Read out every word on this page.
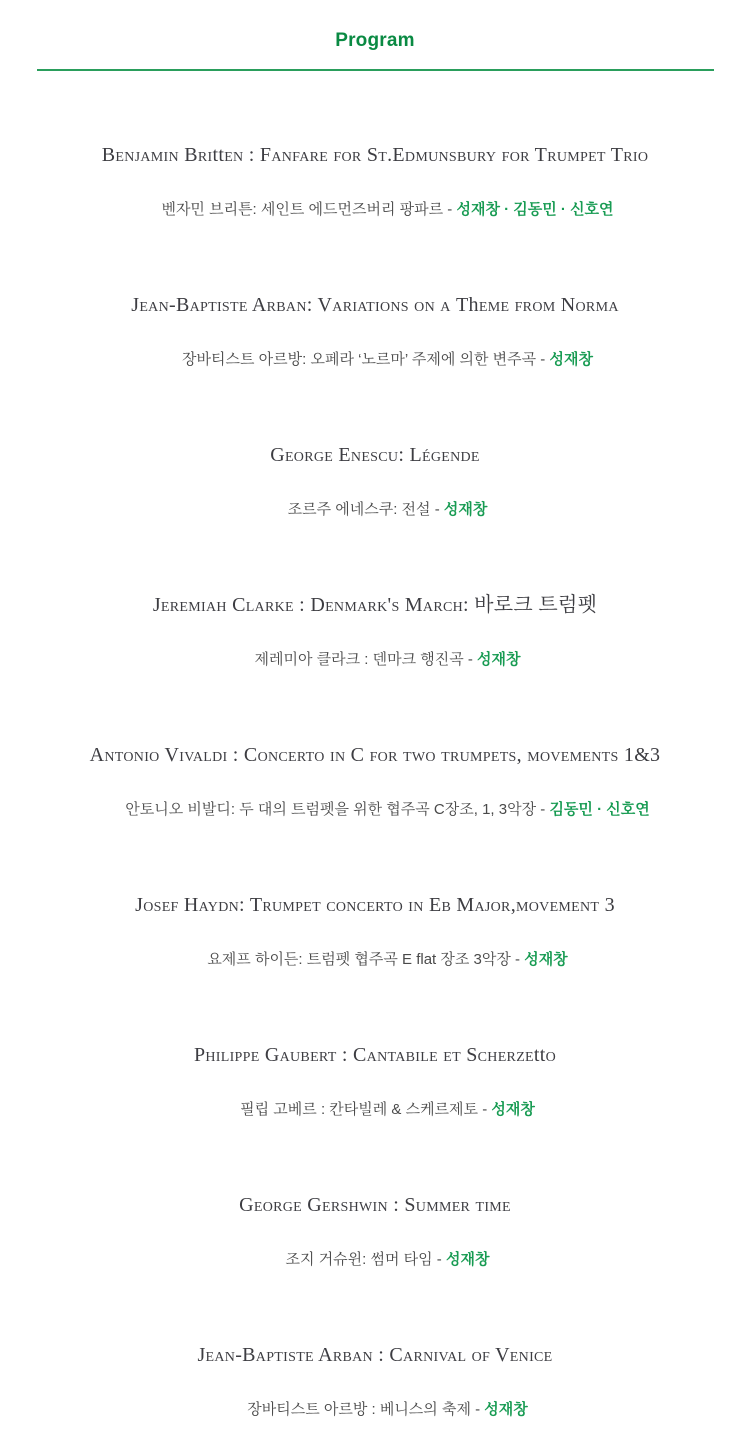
Program
Benjamin Britten : Fanfare for St.Edmunsbury for Trumpet Trio

벤자민 브리튼: 세인트 에드먼즈버리 팡파르 - 성재창 · 김동민 · 신호연

Jean-Baptiste Arban: Variations on a Theme from Norma

장바티스트 아르방: 오페라 ‘노르마’ 주제에 의한 변주곡 - 성재창

George Enescu: Légende

조르주 에네스쿠: 전설 - 성재창

Jeremiah Clarke : Denmark's March: 바로크 트럼펫

제레미아 클라크 : 덴마크 행진곡 - 성재창

Antonio Vivaldi : Concerto in C for two trumpets, movements 1&3

안토니오 비발디: 두 대의 트럼펫을 위한 협주곡 C장조, 1, 3악장 - 김동민 · 신호연

Josef Haydn: Trumpet concerto in Eb Major,movement 3

요제프 하이든: 트럼펫 협주곡 E flat 장조 3악장 - 성재창

Philippe Gaubert : Cantabile et Scherzetto

필립 고베르 : 칸타빌레 & 스케르제토 - 성재창

George Gershwin : Summer time

조지 거슈윈: 썸머 타임 - 성재창

Jean-Baptiste Arban : Carnival of Venice

장바티스트 아르방 : 베니스의 축제 - 성재창
